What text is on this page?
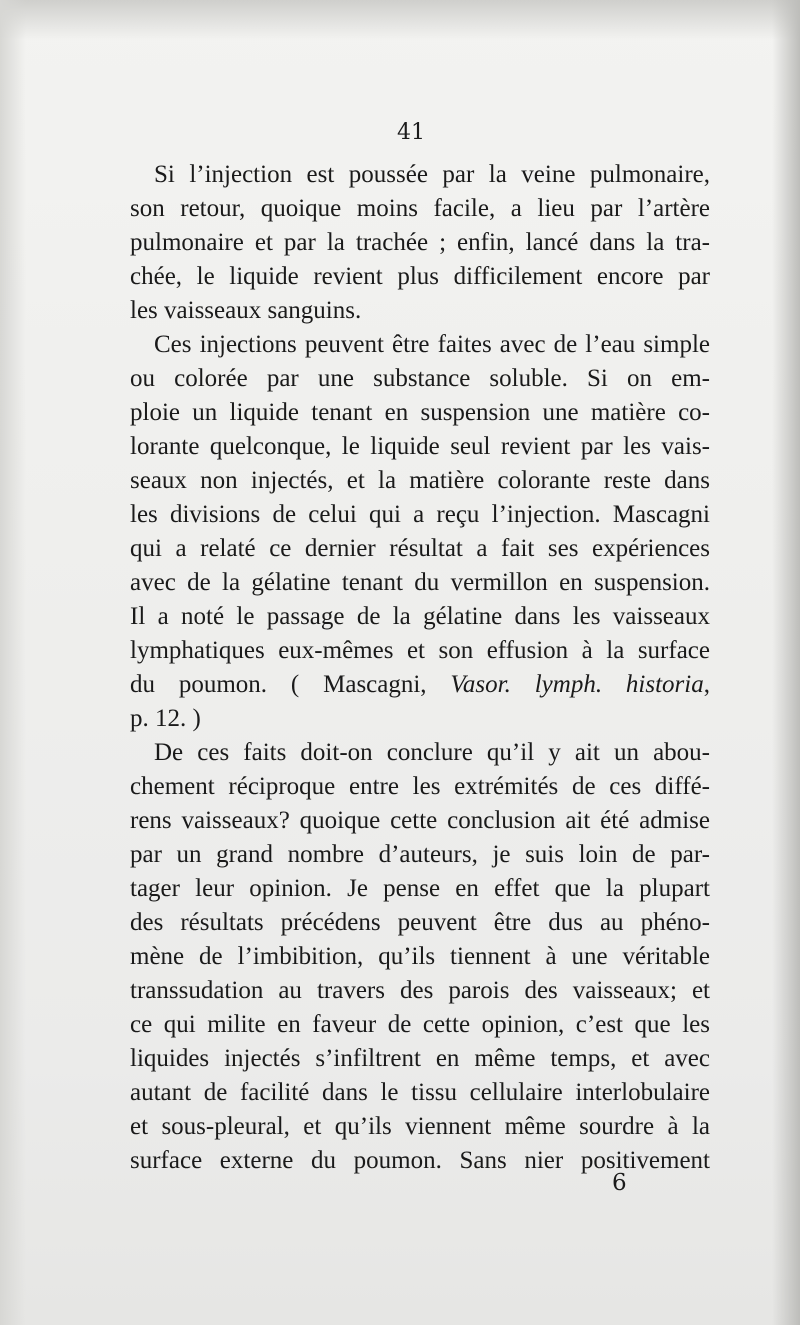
41

Si l’injection est poussée par la veine pulmonaire,

son retour, quoique moins facile, a lieu par l’artère

pulmonaire et par la trachée ; enfin, lancé dans la tra-

chée, le liquide revient plus difficilement encore par

les vaisseaux sanguins.

Ces injections peuvent être faites avec de l’eau simple

ou colorée par une substance soluble. Si on em-

ploie un liquide tenant en suspension une matière co-

lorante quelconque, le liquide seul revient par les vais-

seaux non injectés, et la matière colorante reste dans

les divisions de celui qui a reçu l’injection. Mascagni

qui a relaté ce dernier résultat a fait ses expériences

avec de la gélatine tenant du vermillon en suspension.

Il a noté le passage de la gélatine dans les vaisseaux

lymphatiques eux-mêmes et son effusion à la surface

du poumon. ( Mascagni, Vasor. lymph. historia,

p. 12. )

De ces faits doit-on conclure qu’il y ait un abou-

chement réciproque entre les extrémités de ces diffé-

rens vaisseaux? quoique cette conclusion ait été admise

par un grand nombre d’auteurs, je suis loin de par-

tager leur opinion. Je pense en effet que la plupart

des résultats précédens peuvent être dus au phéno-

mène de l’imbibition, qu’ils tiennent à une véritable

transsudation au travers des parois des vaisseaux; et

ce qui milite en faveur de cette opinion, c’est que les

liquides injectés s’infiltrent en même temps, et avec

autant de facilité dans le tissu cellulaire interlobulaire

et sous-pleural, et qu’ils viennent même sourdre à la

surface externe du poumon. Sans nier positivement

6
